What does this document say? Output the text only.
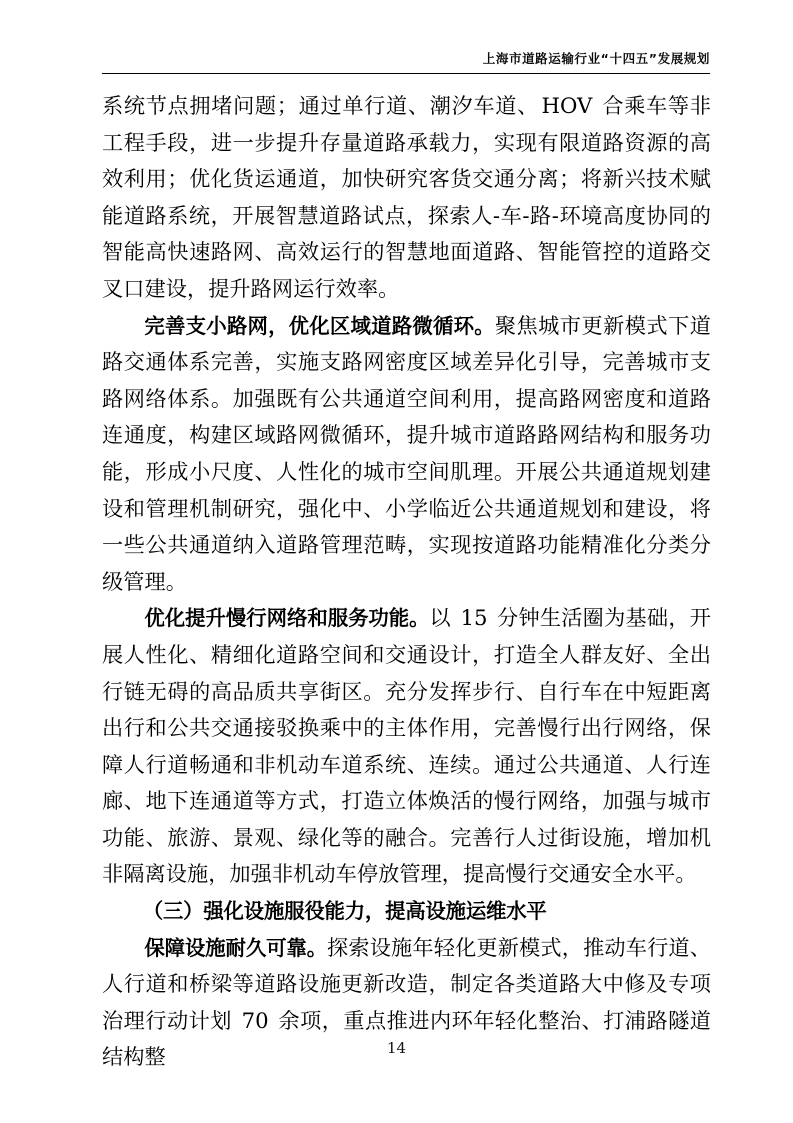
上海市道路运输行业“十四五”发展规划

系统节点拥堵问题；通过单行道、潮汐车道、 HOV 合乘车等非工程手段，进一步提升存量道路承载力，实现有限道路资源的高效利用；优化货运通道，加快研究客货交通分离；将新兴技术赋能道路系统，开展智慧道路试点，探索人-车-路-环境高度协同的智能高快速路网、高效运行的智慧地面道路、智能管控的道路交叉口建设，提升路网运行效率。

完善支小路网，优化区域道路微循环。聚焦城市更新模式下道路交通体系完善，实施支路网密度区域差异化引导，完善城市支路网络体系。加强既有公共通道空间利用，提高路网密度和道路连通度，构建区域路网微循环，提升城市道路路网结构和服务功能，形成小尺度、人性化的城市空间肌理。开展公共通道规划建设和管理机制研究，强化中、小学临近公共通道规划和建设，将一些公共通道纳入道路管理范畴，实现按道路功能精准化分类分级管理。

优化提升慢行网络和服务功能。以 15 分钟生活圈为基础，开展人性化、精细化道路空间和交通设计，打造全人群友好、全出行链无碍的高品质共享街区。充分发挥步行、自行车在中短距离出行和公共交通接驳换乘中的主体作用，完善慢行出行网络，保障人行道畅通和非机动车道系统、连续。通过公共通道、人行连廊、地下连通道等方式，打造立体焕活的慢行网络，加强与城市功能、旅游、景观、绿化等的融合。完善行人过街设施，增加机非隔离设施，加强非机动车停放管理，提高慢行交通安全水平。

（三）强化设施服役能力，提高设施运维水平

保障设施耐久可靠。探索设施年轻化更新模式，推动车行道、人行道和桥梁等道路设施更新改造，制定各类道路大中修及专项治理行动计划 70 余项，重点推进内环年轻化整治、打浦路隧道结构整	14
